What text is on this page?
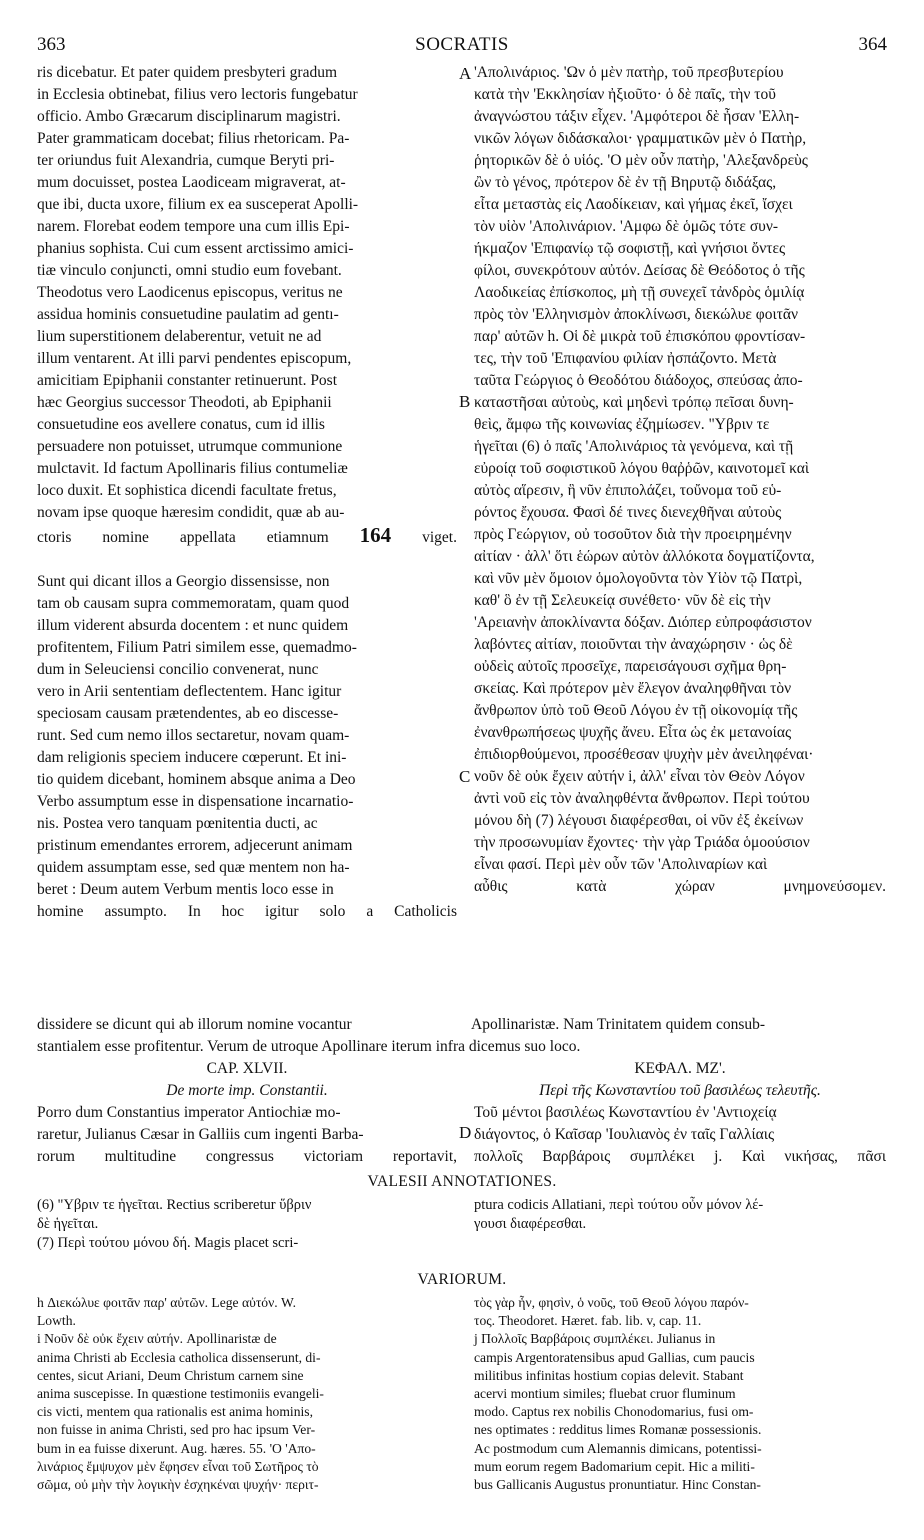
363	SOCRATIS	364
A
B
C
D

ris dicebatur. Et pater quidem presbyteri gradum
in Ecclesia obtinebat, filius vero lectoris fungebatur
officio. Ambo Græcarum disciplinarum magistri.
Pater grammaticam docebat; filius rhetoricam. Pa-
ter oriundus fuit Alexandria, cumque Beryti pri-
mum docuisset, postea Laodiceam migraverat, at-
que ibi, ducta uxore, filium ex ea susceperat Apolli-
narem. Florebat eodem tempore una cum illis Epi-
phanius sophista. Cui cum essent arctissimo amici-
tiæ vinculo conjuncti, omni studio eum fovebant.
Theodotus vero Laodicenus episcopus, veritus ne
assidua hominis consuetudine paulatim ad gentı-
lium superstitionem delaberentur, vetuit ne ad
illum ventarent. At illi parvi pendentes episcopum,
amicitiam Epiphanii constanter retinuerunt. Post
hæc Georgius successor Theodoti, ab Epiphanii
consuetudine eos avellere conatus, cum id illis
persuadere non potuisset, utrumque communione
mulctavit. Id factum Apollinaris filius contumeliæ
loco duxit. Et sophistica dicendi facultate fretus,
novam ipse quoque hæresim condidit, quæ ab au-
ctoris nomine appellata etiamnum 164 viget.

Sunt qui dicant illos a Georgio dissensisse, non
tam ob causam supra commemoratam, quam quod
illum viderent absurda docentem : et nunc quidem
profitentem, Filium Patri similem esse, quemadmo-
dum in Seleuciensi concilio convenerat, nunc
vero in Arii sententiam deflectentem. Hanc igitur
speciosam causam prætendentes, ab eo discesse-
runt. Sed cum nemo illos sectaretur, novam quam-
dam religionis speciem inducere cœperunt. Et ini-
tio quidem dicebant, hominem absque anima a Deo
Verbo assumptum esse in dispensatione incarnatio-
nis. Postea vero tanquam pœnitentia ducti, ac
pristinum emendantes errorem, adjecerunt animam
quidem assumptam esse, sed quæ mentem non ha-
beret : Deum autem Verbum mentis loco esse in
homine assumpto. In hoc igitur solo a Catholicis

'Απολινάριος. 'Ων ὁ μὲν πατὴρ, τοῦ πρεσβυτερίου
κατὰ τὴν 'Εκκλησίαν ἠξιοῦτο· ὁ δὲ παῖς, τὴν τοῦ
ἀναγνώστου τάξιν εἶχεν. 'Αμφότεροι δὲ ἦσαν 'Ελλη-
νικῶν λόγων διδάσκαλοι· γραμματικῶν μὲν ὁ Πατὴρ,
ῥητορικῶν δὲ ὁ υἱός. 'Ο μὲν οὖν πατὴρ, 'Αλεξανδρεὺς
ὢν τὸ γένος, πρότερον δὲ ἐν τῇ Βηρυτῷ διδάξας,
εἶτα μεταστὰς εἰς Λαοδίκειαν, καὶ γήμας ἐκεῖ, ἴσχει
τὸν υἱὸν 'Απολινάριον. 'Αμφω δὲ ὁμῶς τότε συν-
ήκμαζον 'Επιφανίῳ τῷ σοφιστῇ, καὶ γνήσιοι ὄντες
φίλοι, συνεκρότουν αὐτόν. Δείσας δὲ Θεόδοτος ὁ τῆς
Λαοδικείας ἐπίσκοπος, μὴ τῇ συνεχεῖ τἀνδρὸς ὁμιλίᾳ
πρὸς τὸν 'Ελληνισμὸν ἀποκλίνωσι, διεκώλυε φοιτᾶν
παρ' αὐτῶν h. Οἱ δὲ μικρὰ τοῦ ἐπισκόπου φροντίσαν-
τες, τὴν τοῦ 'Επιφανίου φιλίαν ἠσπάζοντο. Μετὰ
ταῦτα Γεώργιος ὁ Θεοδότου διάδοχος, σπεύσας ἀπο-
καταστῆσαι αὐτοὺς, καὶ μηδενὶ τρόπῳ πεῖσαι δυνη-
θεὶς, ἄμφω τῆς κοινωνίας ἐζημίωσεν. "Υβριν τε
ἡγεῖται (6) ὁ παῖς 'Απολινάριος τὰ γενόμενα, καὶ τῇ
εὐροίᾳ τοῦ σοφιστικοῦ λόγου θαῤῥῶν, καινοτομεῖ καὶ
αὐτὸς αἵρεσιν, ἣ νῦν ἐπιπολάζει, τοὔνομα τοῦ εὑ-
ρόντος ἔχουσα. Φασὶ δέ τινες διενεχθῆναι αὐτοὺς
πρὸς Γεώργιον, οὐ τοσοῦτον διὰ τὴν προειρημένην
αἰτίαν · ἀλλ' ὅτι ἑώρων αὐτὸν ἀλλόκοτα δογματίζοντα,
καὶ νῦν μὲν ὅμοιον ὁμολογοῦντα τὸν Υἱὸν τῷ Πατρὶ,
καθ' ὃ ἐν τῇ Σελευκείᾳ συνέθετο· νῦν δὲ εἰς τὴν
'Αρειανὴν ἀποκλίναντα δόξαν. Διόπερ εὐπροφάσιστον
λαβόντες αἰτίαν, ποιοῦνται τὴν ἀναχώρησιν · ὡς δὲ
οὐδεὶς αὐτοῖς προσεῖχε, παρεισάγουσι σχῆμα θρη-
σκείας. Καὶ πρότερον μὲν ἔλεγον ἀναληφθῆναι τὸν
ἄνθρωπον ὑπὸ τοῦ Θεοῦ Λόγου ἐν τῇ οἰκονομίᾳ τῆς
ἐνανθρωπήσεως ψυχῆς ἄνευ. Εἶτα ὡς ἐκ μετανοίας
ἐπιδιορθούμενοι, προσέθεσαν ψυχὴν μὲν ἀνειληφέναι·
νοῦν δὲ οὐκ ἔχειν αὐτήν i, ἀλλ' εἶναι τὸν Θεὸν Λόγον
ἀντὶ νοῦ εἰς τὸν ἀναληφθέντα ἄνθρωπον. Περὶ τούτου
μόνου δὴ (7) λέγουσι διαφέρεσθαι, οἱ νῦν ἐξ ἐκείνων
τὴν προσωνυμίαν ἔχοντες· τὴν γὰρ Τριάδα ὁμοούσιον
εἶναι φασί. Περὶ μὲν οὖν τῶν 'Απολιναρίων καὶ
αὖθις κατὰ χώραν μνημονεύσομεν.

dissidere se dicunt qui ab illorum nomine vocantur	Apollinaristæ. Nam Trinitatem quidem consub-
stantialem esse profitentur. Verum de utroque Apollinare iterum infra dicemus suo loco.
CAP. XLVII.
De morte imp. Constantii.
ΚΕΦΑΛ. ΜΖ'.
Περὶ τῆς Κωνσταντίου τοῦ βασιλέως τελευτῆς.

Porro dum Constantius imperator Antiochiæ mo-
raretur, Julianus Cæsar in Galliis cum ingenti Barba-
rorum multitudine congressus victoriam reportavit,

Τοῦ μέντοι βασιλέως Κωνσταντίου ἐν 'Αντιοχείᾳ
διάγοντος, ὁ Καῖσαρ 'Ιουλιανὸς ἐν ταῖς Γαλλίαις
πολλοῖς Βαρβάροις συμπλέκει j. Καὶ νικήσας, πᾶσι

VALESII ANNOTATIONES.
(6) "Υβριν τε ἡγεῖται. Rectius scriberetur ὕβριν
δὲ ἡγεῖται.
(7) Περὶ τούτου μόνου δή. Magis placet scri-
ptura codicis Allatiani, περὶ τούτου οὖν μόνον λέ-
γουσι διαφέρεσθαι.
VARIORUM.
h Διεκώλυε φοιτᾶν παρ' αὐτῶν. Lege αὐτόν. W.
Lowth.
i Νοῦν δὲ οὐκ ἔχειν αὐτήν. Apollinaristæ de
anima Christi ab Ecclesia catholica dissenserunt, di-
centes, sicut Ariani, Deum Christum carnem sine
anima suscepisse. In quæstione testimoniis evangeli-
cis victi, mentem qua rationalis est anima hominis,
non fuisse in anima Christi, sed pro hac ipsum Ver-
bum in ea fuisse dixerunt. Aug. hæres. 55. 'Ο 'Απο-
λινάριος ἔμψυχον μὲν ἔφησεν εἶναι τοῦ Σωτῆρος τὸ
σῶμα, οὐ μὴν τὴν λογικὴν ἐσχηκέναι ψυχήν· περιτ-
τὸς γὰρ ἦν, φησὶν, ὁ νοῦς, τοῦ Θεοῦ λόγου παρόν-
τος. Theodoret. Hæret. fab. lib. v, cap. 11.
j Πολλοῖς Βαρβάροις συμπλέκει. Julianus in
campis Argentoratensibus apud Gallias, cum paucis
militibus infinitas hostium copias delevit. Stabant
acervi montium similes; fluebat cruor fluminum
modo. Captus rex nobilis Chonodomarius, fusi om-
nes optimates : redditus limes Romanæ possessionis.
Ac postmodum cum Alemannis dimicans, potentissi-
mum eorum regem Badomarium cepit. Hic a militi-
bus Gallicanis Augustus pronuntiatur. Hinc Constan-
